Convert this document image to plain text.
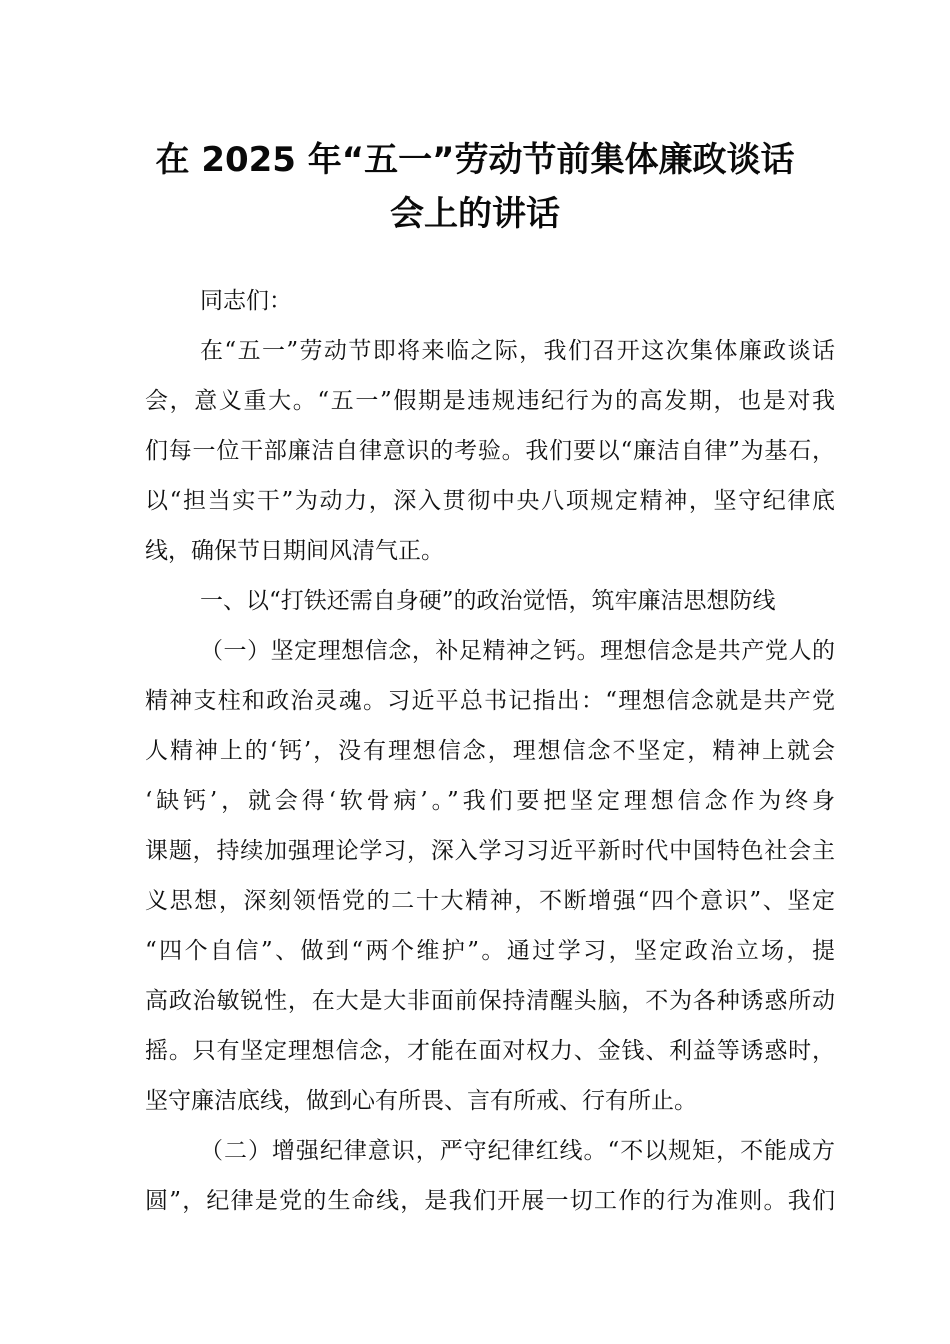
在 2025 年“五一”劳动节前集体廉政谈话
会上的讲话
同志们：
在“五一”劳动节即将来临之际，我们召开这次集体廉政谈话
会，意义重大。“五一”假期是违规违纪行为的高发期，也是对我
们每一位干部廉洁自律意识的考验。我们要以“廉洁自律”为基石，
以“担当实干”为动力，深入贯彻中央八项规定精神，坚守纪律底
线，确保节日期间风清气正。
一、以“打铁还需自身硬”的政治觉悟，筑牢廉洁思想防线
（一）坚定理想信念，补足精神之钙。理想信念是共产党人的
精神支柱和政治灵魂。习近平总书记指出：“理想信念就是共产党
人精神上的‘钙’，没有理想信念，理想信念不坚定，精神上就会
‘缺钙’，就会得‘软骨病’。”我们要把坚定理想信念作为终身
课题，持续加强理论学习，深入学习习近平新时代中国特色社会主
义思想，深刻领悟党的二十大精神，不断增强“四个意识”、坚定
“四个自信”、做到“两个维护”。通过学习，坚定政治立场，提
高政治敏锐性，在大是大非面前保持清醒头脑，不为各种诱惑所动
摇。只有坚定理想信念，才能在面对权力、金钱、利益等诱惑时，
坚守廉洁底线，做到心有所畏、言有所戒、行有所止。
（二）增强纪律意识，严守纪律红线。“不以规矩，不能成方
圆”，纪律是党的生命线，是我们开展一切工作的行为准则。我们
